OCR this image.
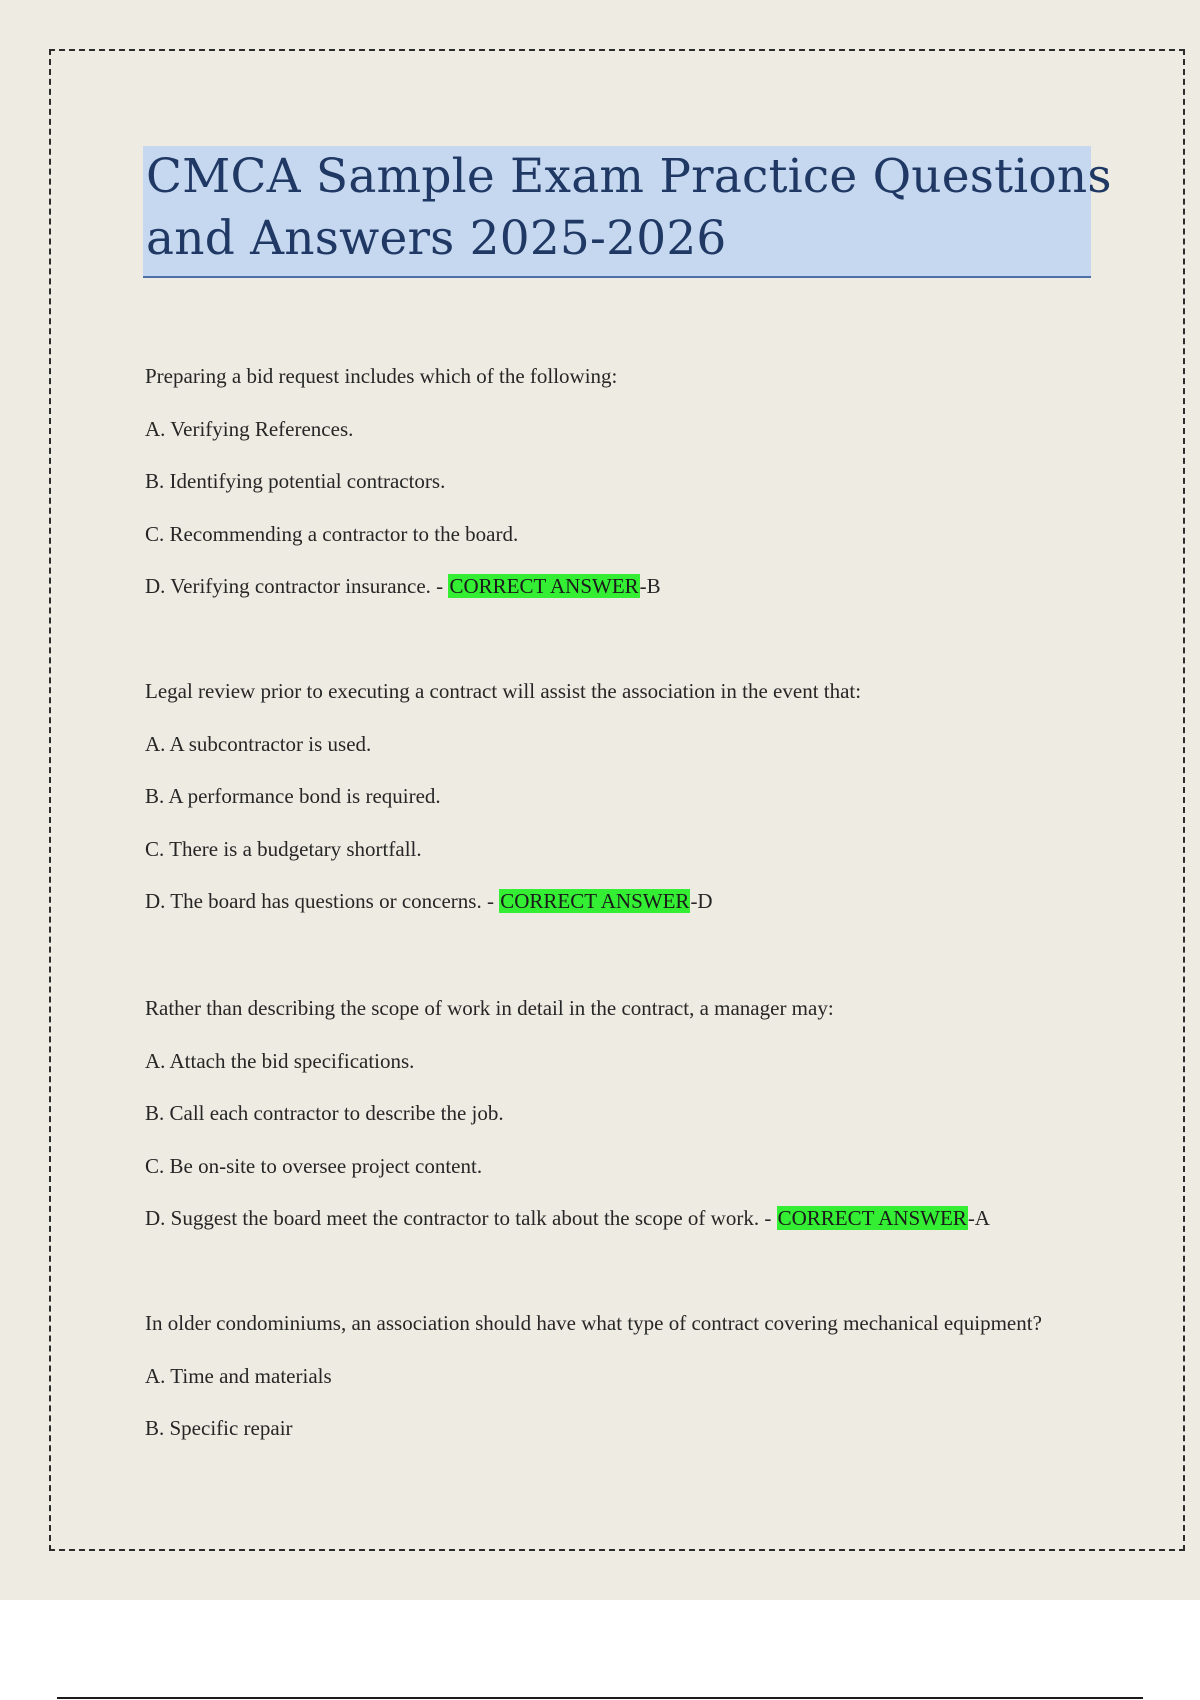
CMCA Sample Exam Practice Questions
and Answers 2025-2026
Preparing a bid request includes which of the following:
A. Verifying References.
B. Identifying potential contractors.
C. Recommending a contractor to the board.
D. Verifying contractor insurance. - CORRECT ANSWER-B
Legal review prior to executing a contract will assist the association in the event that:
A. A subcontractor is used.
B. A performance bond is required.
C. There is a budgetary shortfall.
D. The board has questions or concerns. - CORRECT ANSWER-D
Rather than describing the scope of work in detail in the contract, a manager may:
A. Attach the bid specifications.
B. Call each contractor to describe the job.
C. Be on-site to oversee project content.
D. Suggest the board meet the contractor to talk about the scope of work. - CORRECT ANSWER-A
In older condominiums, an association should have what type of contract covering mechanical equipment?
A. Time and materials
B. Specific repair
